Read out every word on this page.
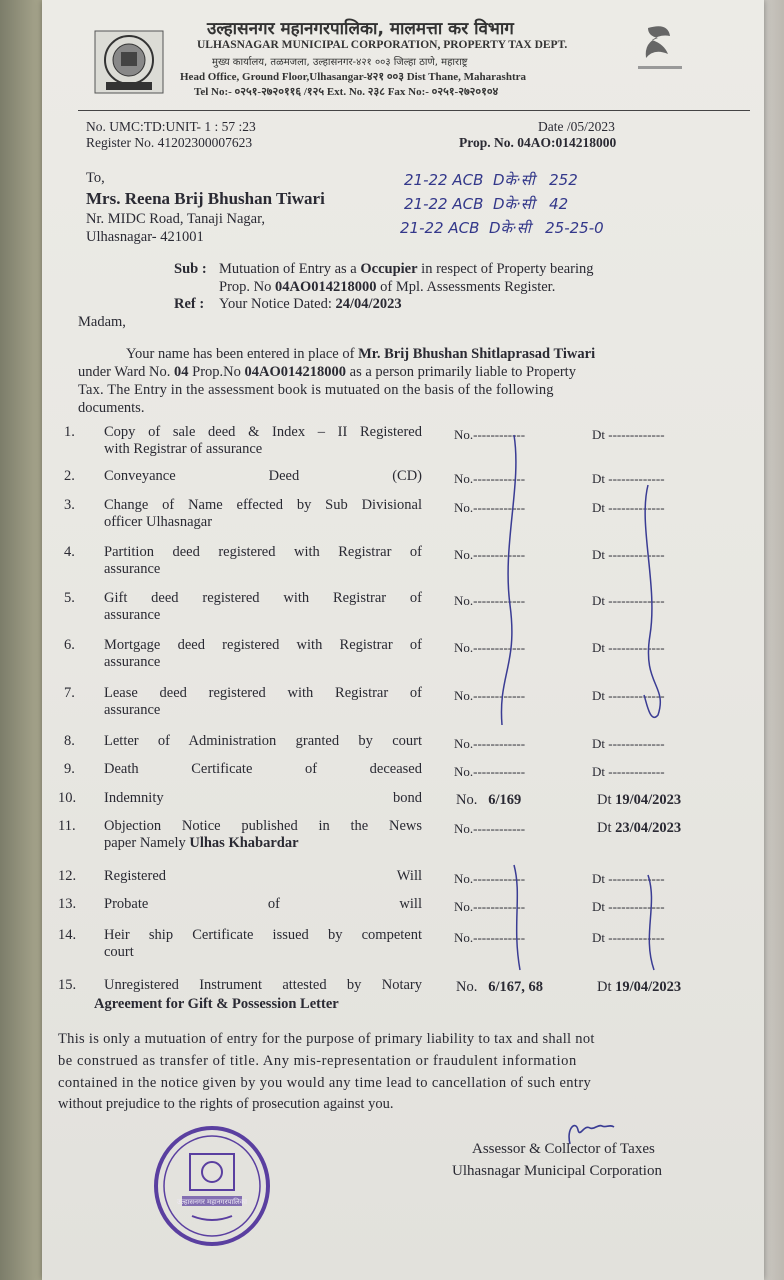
उल्हासनगर महानगरपालिका, मालमत्ता कर विभाग
ULHASNAGAR MUNICIPAL CORPORATION, PROPERTY TAX DEPT.
मुख्य कार्यालय, तळमजला, उल्हासनगर-४२१ ००३ जिल्हा ठाणे, महाराष्ट्र
Head Office, Ground Floor,Ulhasangar-४२१ ००३ Dist Thane, Maharashtra
Tel No:- ०२५१-२७२०११६ /१२५ Ext. No. २३८ Fax No:- ०२५१-२७२०१०४
No. UMC:TD:UNIT- 1 : 57 :23	Date /05/2023
Register No. 41202300007623	Prop. No. 04AO:014218000
To,
Mrs. Reena Brij Bhushan Tiwari
Nr. MIDC Road, Tanaji Nagar,
Ulhasnagar- 421001
21-22 ACB Dके·सी 252
21-22 ACB Dके·सी 42
21-22 ACB Dके·सी 25-25-0
Sub : Mutuation of Entry as a Occupier in respect of Property bearing
Prop. No 04AO014218000 of Mpl. Assessments Register.
Ref : Your Notice Dated: 24/04/2023
Madam,
Your name has been entered in place of Mr. Brij Bhushan Shitlaprasad Tiwari
under Ward No. 04 Prop.No 04AO014218000 as a person primarily liable to Property
Tax. The Entry in the assessment book is mutuated on the basis of the following
documents.
1. Copy of sale deed & Index – II Registered
with Registrar of assurance
No.------------	Dt -------------
2. Conveyance Deed (CD) No.------------	Dt -------------
3. Change of Name effected by Sub Divisional
officer Ulhasnagar
No.------------	Dt -------------
4. Partition deed registered with Registrar of
assurance
No.------------	Dt -------------
5. Gift deed registered with Registrar of
assurance
No.------------	Dt -------------
6. Mortgage deed registered with Registrar of
assurance
No.------------	Dt -------------
7. Lease deed registered with Registrar of
assurance
No.------------	Dt -------------
8. Letter of Administration granted by court No.------------	Dt -------------
9. Death Certificate of deceased No.------------	Dt -------------
10. Indemnity bond No. 6/169	Dt 19/04/2023
11. Objection Notice published in the News
paper Namely Ulhas Khabardar
No.------------	Dt 23/04/2023
12. Registered Will No.------------	Dt -------------
13. Probate of will No.------------	Dt -------------
14. Heir ship Certificate issued by competent
court
No.------------	Dt -------------
15. Unregistered Instrument attested by Notary
Agreement for Gift & Possession Letter
No. 6/167, 68	Dt 19/04/2023
This is only a mutuation of entry for the purpose of primary liability to tax and shall not
be construed as transfer of title. Any mis-representation or fraudulent information
contained in the notice given by you would any time lead to cancellation of such entry
without prejudice to the rights of prosecution against you.
Assessor & Collector of Taxes
Ulhasnagar Municipal Corporation
उल्हासनगर महानगरपालिका
